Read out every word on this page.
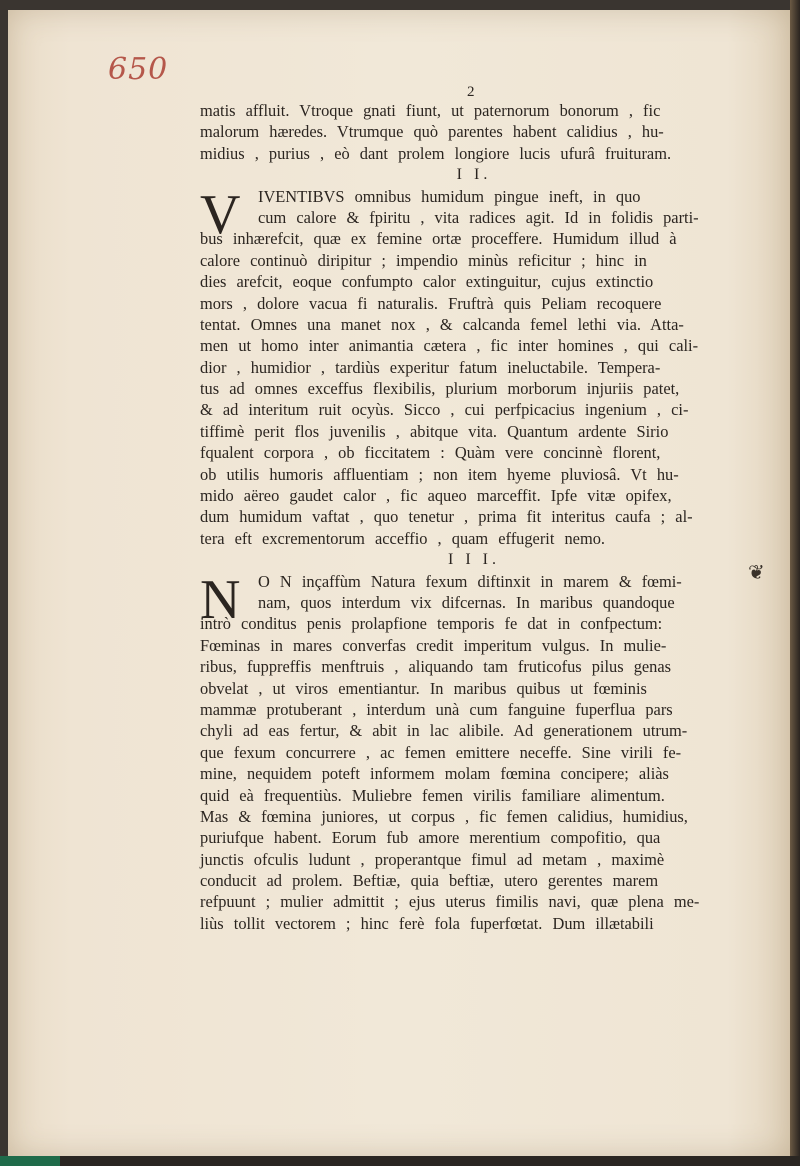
650
2
❦
matis affluit. Vtroque gnati fiunt, ut paternorum bonorum , fic
malorum hæredes. Vtrumque quò parentes habent calidius , hu-
midius , purius , eò dant prolem longiore lucis ufurâ fruituram.
I I.
V	IVENTIBVS omnibus humidum pingue ineft, in quo
cum calore & fpiritu , vita radices agit. Id in folidis parti-
bus inhærefcit, quæ ex femine ortæ proceffere. Humidum illud à
calore continuò diripitur ; impendio minùs reficitur ; hinc in
dies arefcit, eoque confumpto calor extinguitur, cujus extinctio
mors , dolore vacua fi naturalis. Fruftrà quis Peliam recoquere
tentat. Omnes una manet nox , & calcanda femel lethi via. Atta-
men ut homo inter animantia cætera , fic inter homines , qui cali-
dior , humidior , tardiùs experitur fatum ineluctabile. Tempera-
tus ad omnes exceffus flexibilis, plurium morborum injuriis patet,
& ad interitum ruit ocyùs. Sicco , cui perfpicacius ingenium , ci-
tiffimè perit flos juvenilis , abitque vita. Quantum ardente Sirio
fqualent corpora , ob ficcitatem : Quàm vere concinnè florent,
ob utilis humoris affluentiam ; non item hyeme pluviosâ. Vt hu-
mido aëreo gaudet calor , fic aqueo marceffit. Ipfe vitæ opifex,
dum humidum vaftat , quo tenetur , prima fit interitus caufa ; al-
tera eft excrementorum acceffio , quam effugerit nemo.
I I I.
N	O N inçaffùm Natura fexum diftinxit in marem & fœmi-
nam, quos interdum vix difcernas. In maribus quandoque
intrò conditus penis prolapfione temporis fe dat in confpectum:
Fœminas in mares converfas credit imperitum vulgus. In mulie-
ribus, fuppreffis menftruis , aliquando tam fruticofus pilus genas
obvelat , ut viros ementiantur. In maribus quibus ut fœminis
mammæ protuberant , interdum unà cum fanguine fuperflua pars
chyli ad eas fertur, & abit in lac alibile. Ad generationem utrum-
que fexum concurrere , ac femen emittere neceffe. Sine virili fe-
mine, nequidem poteft informem molam fœmina concipere; aliàs
quid eà frequentiùs. Muliebre femen virilis familiare alimentum.
Mas & fœmina juniores, ut corpus , fic femen calidius, humidius,
puriufque habent. Eorum fub amore merentium compofitio, qua
junctis ofculis ludunt , properantque fimul ad metam , maximè
conducit ad prolem. Beftiæ, quia beftiæ, utero gerentes marem
refpuunt ; mulier admittit ; ejus uterus fimilis navi, quæ plena me-
liùs tollit vectorem ; hinc ferè fola fuperfœtat. Dum illætabili
